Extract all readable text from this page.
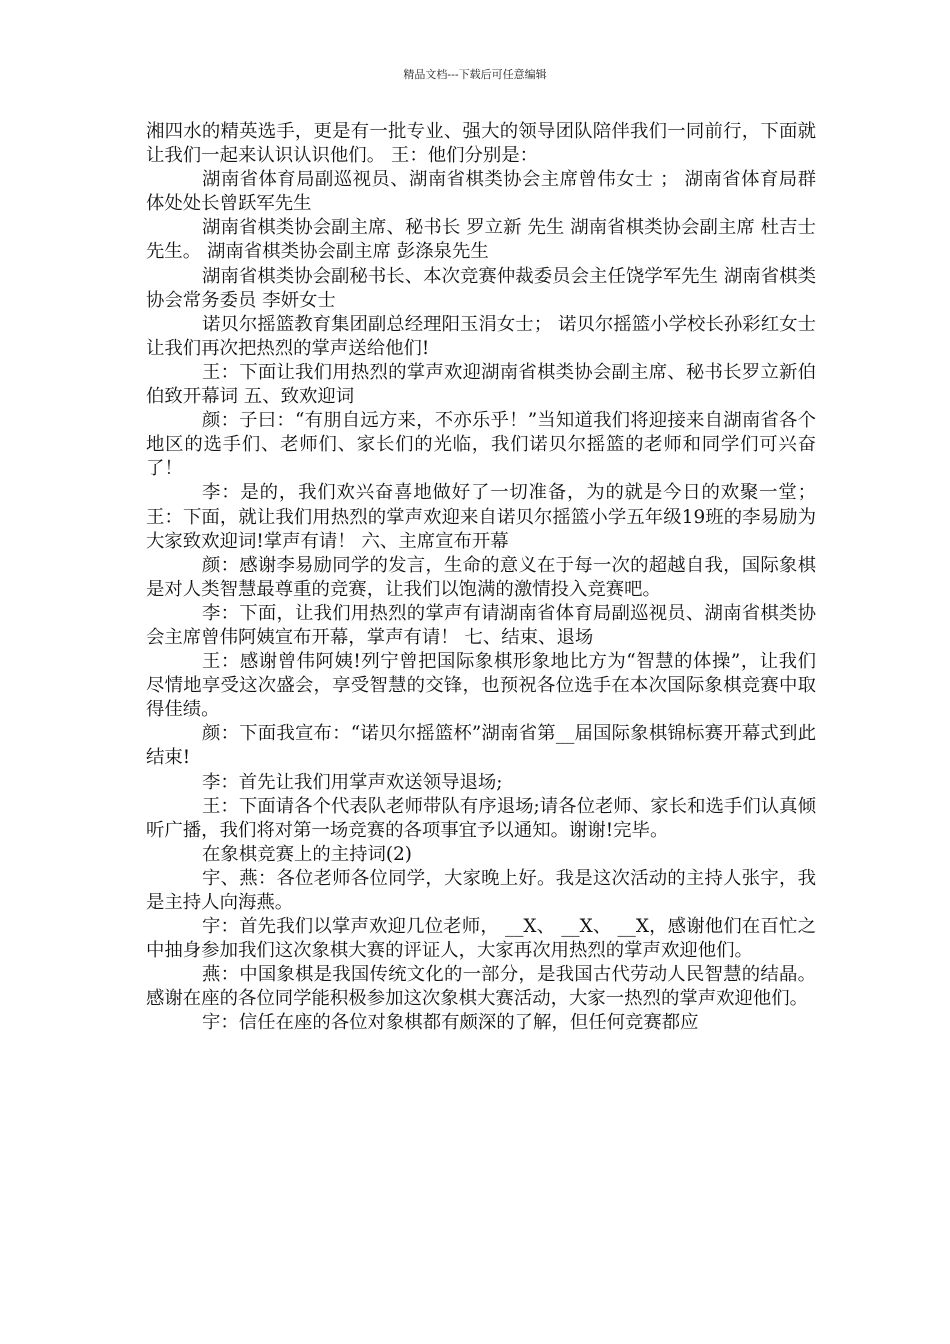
精品文档---下载后可任意编辑

湘四水的精英选手，更是有一批专业、强大的领导团队陪伴我们一同前行，下面就让我们一起来认识认识他们。 王：他们分别是：

湖南省体育局副巡视员、湖南省棋类协会主席曾伟女士 ； 湖南省体育局群体处处长曾跃军先生

湖南省棋类协会副主席、秘书长 罗立新 先生 湖南省棋类协会副主席 杜吉士先生。 湖南省棋类协会副主席 彭涤泉先生

湖南省棋类协会副秘书长、本次竞赛仲裁委员会主任饶学军先生 湖南省棋类协会常务委员 李妍女士

诺贝尔摇篮教育集团副总经理阳玉涓女士； 诺贝尔摇篮小学校长孙彩红女士 让我们再次把热烈的掌声送给他们!

王：下面让我们用热烈的掌声欢迎湖南省棋类协会副主席、秘书长罗立新伯 伯致开幕词 五、致欢迎词

颜：子曰：“有朋自远方来，不亦乐乎！”当知道我们将迎接来自湖南省各个地区的选手们、老师们、家长们的光临，我们诺贝尔摇篮的老师和同学们可兴奋了！

李：是的，我们欢兴奋喜地做好了一切准备，为的就是今日的欢聚一堂； 王：下面，就让我们用热烈的掌声欢迎来自诺贝尔摇篮小学五年级19班的李易励为大家致欢迎词!掌声有请！ 六、主席宣布开幕

颜：感谢李易励同学的发言，生命的意义在于每一次的超越自我，国际象棋是对人类智慧最尊重的竞赛，让我们以饱满的激情投入竞赛吧。

李：下面，让我们用热烈的掌声有请湖南省体育局副巡视员、湖南省棋类协会主席曾伟阿姨宣布开幕，掌声有请！ 七、结束、退场

王：感谢曾伟阿姨!列宁曾把国际象棋形象地比方为“智慧的体操”，让我们尽情地享受这次盛会，享受智慧的交锋，也预祝各位选手在本次国际象棋竞赛中取得佳绩。

颜：下面我宣布：“诺贝尔摇篮杯”湖南省第__届国际象棋锦标赛开幕式到此结束!

李：首先让我们用掌声欢送领导退场;

王：下面请各个代表队老师带队有序退场;请各位老师、家长和选手们认真倾听广播，我们将对第一场竞赛的各项事宜予以通知。谢谢!完毕。

在象棋竞赛上的主持词(2)

宇、燕：各位老师各位同学，大家晚上好。我是这次活动的主持人张宇，我是主持人向海燕。

宇：首先我们以掌声欢迎几位老师， __X、 __X、 __X，感谢他们在百忙之中抽身参加我们这次象棋大赛的评证人，大家再次用热烈的掌声欢迎他们。

燕：中国象棋是我国传统文化的一部分，是我国古代劳动人民智慧的结晶。感谢在座的各位同学能积极参加这次象棋大赛活动，大家一热烈的掌声欢迎他们。

宇：信任在座的各位对象棋都有颇深的了解，但任何竞赛都应
